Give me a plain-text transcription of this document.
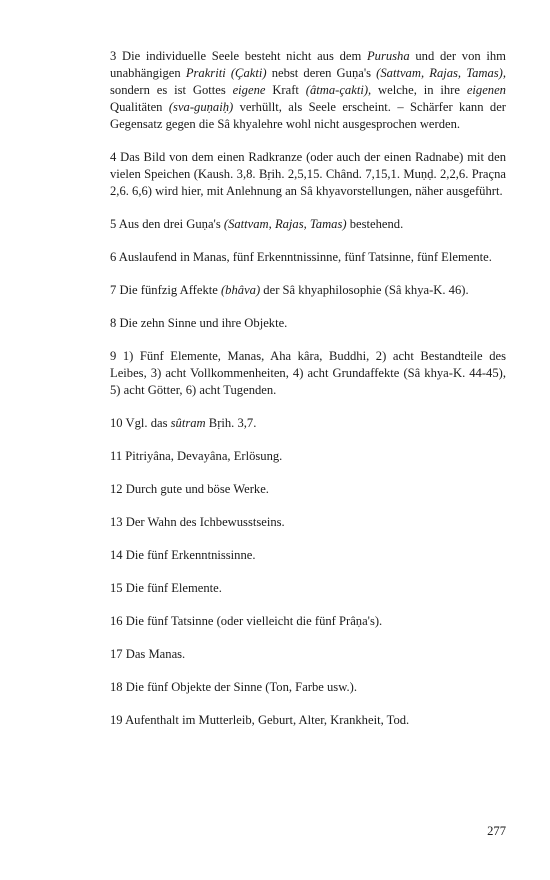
3 Die individuelle Seele besteht nicht aus dem Purusha und der von ihm unabhängigen Prakriti (Çakti) nebst deren Guṇa's (Sattvam, Rajas, Tamas), sondern es ist Gottes eigene Kraft (âtma-çakti), welche, in ihre eigenen Qualitäten (sva-guṇaiḥ) verhüllt, als Seele erscheint. – Schärfer kann der Gegensatz gegen die Sâ khyalehre wohl nicht ausgesprochen werden.

4 Das Bild von dem einen Radkranze (oder auch der einen Radnabe) mit den vielen Speichen (Kaush. 3,8. Bṛih. 2,5,15. Chând. 7,15,1. Muṇḍ. 2,2,6. Praçna 2,6. 6,6) wird hier, mit Anlehnung an Sâ khyavorstellungen, näher ausgeführt.

5 Aus den drei Guṇa's (Sattvam, Rajas, Tamas) bestehend.

6 Auslaufend in Manas, fünf Erkenntnissinne, fünf Tatsinne, fünf Elemente.

7 Die fünfzig Affekte (bhâva) der Sâ khyaphilosophie (Sâ khya-K. 46).

8 Die zehn Sinne und ihre Objekte.

9 1) Fünf Elemente, Manas, Aha kâra, Buddhi, 2) acht Bestandteile des Leibes, 3) acht Vollkommenheiten, 4) acht Grundaffekte (Sâ khya-K. 44-45), 5) acht Götter, 6) acht Tugenden.

10 Vgl. das sûtram Bṛih. 3,7.

11 Pitriyâna, Devayâna, Erlösung.

12 Durch gute und böse Werke.

13 Der Wahn des Ichbewusstseins.

14 Die fünf Erkenntnissinne.

15 Die fünf Elemente.

16 Die fünf Tatsinne (oder vielleicht die fünf Prâṇa's).

17 Das Manas.

18 Die fünf Objekte der Sinne (Ton, Farbe usw.).

19 Aufenthalt im Mutterleib, Geburt, Alter, Krankheit, Tod.

277
